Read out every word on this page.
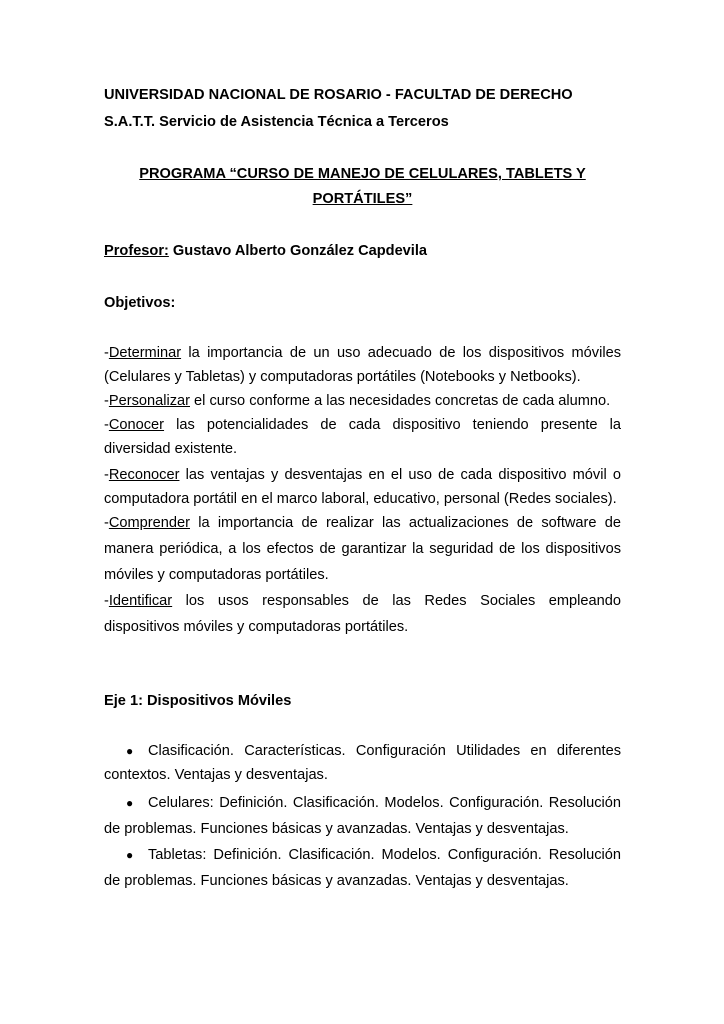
UNIVERSIDAD NACIONAL DE ROSARIO - FACULTAD DE DERECHO
S.A.T.T. Servicio de Asistencia Técnica a Terceros
PROGRAMA “CURSO DE MANEJO DE CELULARES, TABLETS Y
PORTÁTILES”
Profesor: Gustavo Alberto González Capdevila
Objetivos:
-Determinar la importancia de un uso adecuado de los dispositivos móviles
(Celulares y Tabletas) y computadoras portátiles (Notebooks y Netbooks).
-Personalizar el curso conforme a las necesidades concretas de cada alumno.
-Conocer las potencialidades de cada dispositivo teniendo presente la
diversidad existente.
-Reconocer las ventajas y desventajas en el uso de cada dispositivo móvil o
computadora portátil en el marco laboral, educativo, personal (Redes sociales).
-Comprender la importancia de realizar las actualizaciones de software de
manera periódica, a los efectos de garantizar la seguridad de los dispositivos
móviles y computadoras portátiles.
-Identificar los usos responsables de las Redes Sociales empleando
dispositivos móviles y computadoras portátiles.
Eje 1: Dispositivos Móviles
● Clasificación. Características. Configuración Utilidades en diferentes
contextos. Ventajas y desventajas.
● Celulares: Definición. Clasificación. Modelos. Configuración. Resolución
de problemas. Funciones básicas y avanzadas. Ventajas y desventajas.
● Tabletas: Definición. Clasificación. Modelos. Configuración. Resolución
de problemas. Funciones básicas y avanzadas. Ventajas y desventajas.
